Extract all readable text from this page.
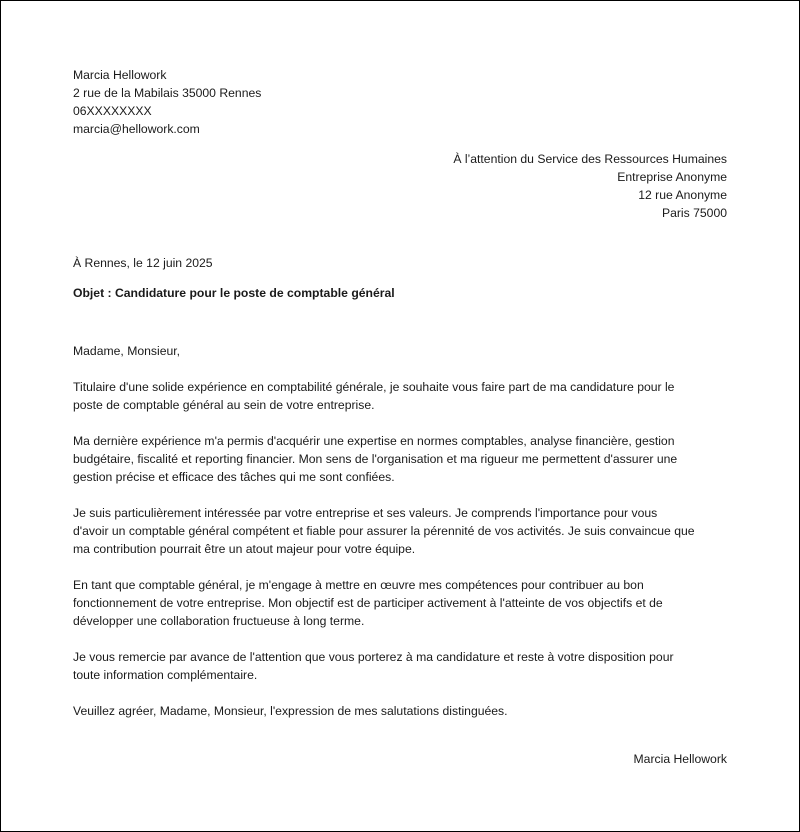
Marcia Hellowork
2 rue de la Mabilais 35000 Rennes
06XXXXXXXX
marcia@hellowork.com
À l’attention du Service des Ressources Humaines
Entreprise Anonyme
12 rue Anonyme
Paris 75000
À Rennes, le 12 juin 2025
Objet : Candidature pour le poste de comptable général

Madame, Monsieur,

Titulaire d'une solide expérience en comptabilité générale, je souhaite vous faire part de ma candidature pour le
poste de comptable général au sein de votre entreprise.

Ma dernière expérience m'a permis d'acquérir une expertise en normes comptables, analyse financière, gestion
budgétaire, fiscalité et reporting financier. Mon sens de l'organisation et ma rigueur me permettent d'assurer une
gestion précise et efficace des tâches qui me sont confiées.

Je suis particulièrement intéressée par votre entreprise et ses valeurs. Je comprends l'importance pour vous
d'avoir un comptable général compétent et fiable pour assurer la pérennité de vos activités. Je suis convaincue que
ma contribution pourrait être un atout majeur pour votre équipe.

En tant que comptable général, je m'engage à mettre en œuvre mes compétences pour contribuer au bon
fonctionnement de votre entreprise. Mon objectif est de participer activement à l'atteinte de vos objectifs et de
développer une collaboration fructueuse à long terme.

Je vous remercie par avance de l'attention que vous porterez à ma candidature et reste à votre disposition pour
toute information complémentaire.

Veuillez agréer, Madame, Monsieur, l'expression de mes salutations distinguées.

Marcia Hellowork
